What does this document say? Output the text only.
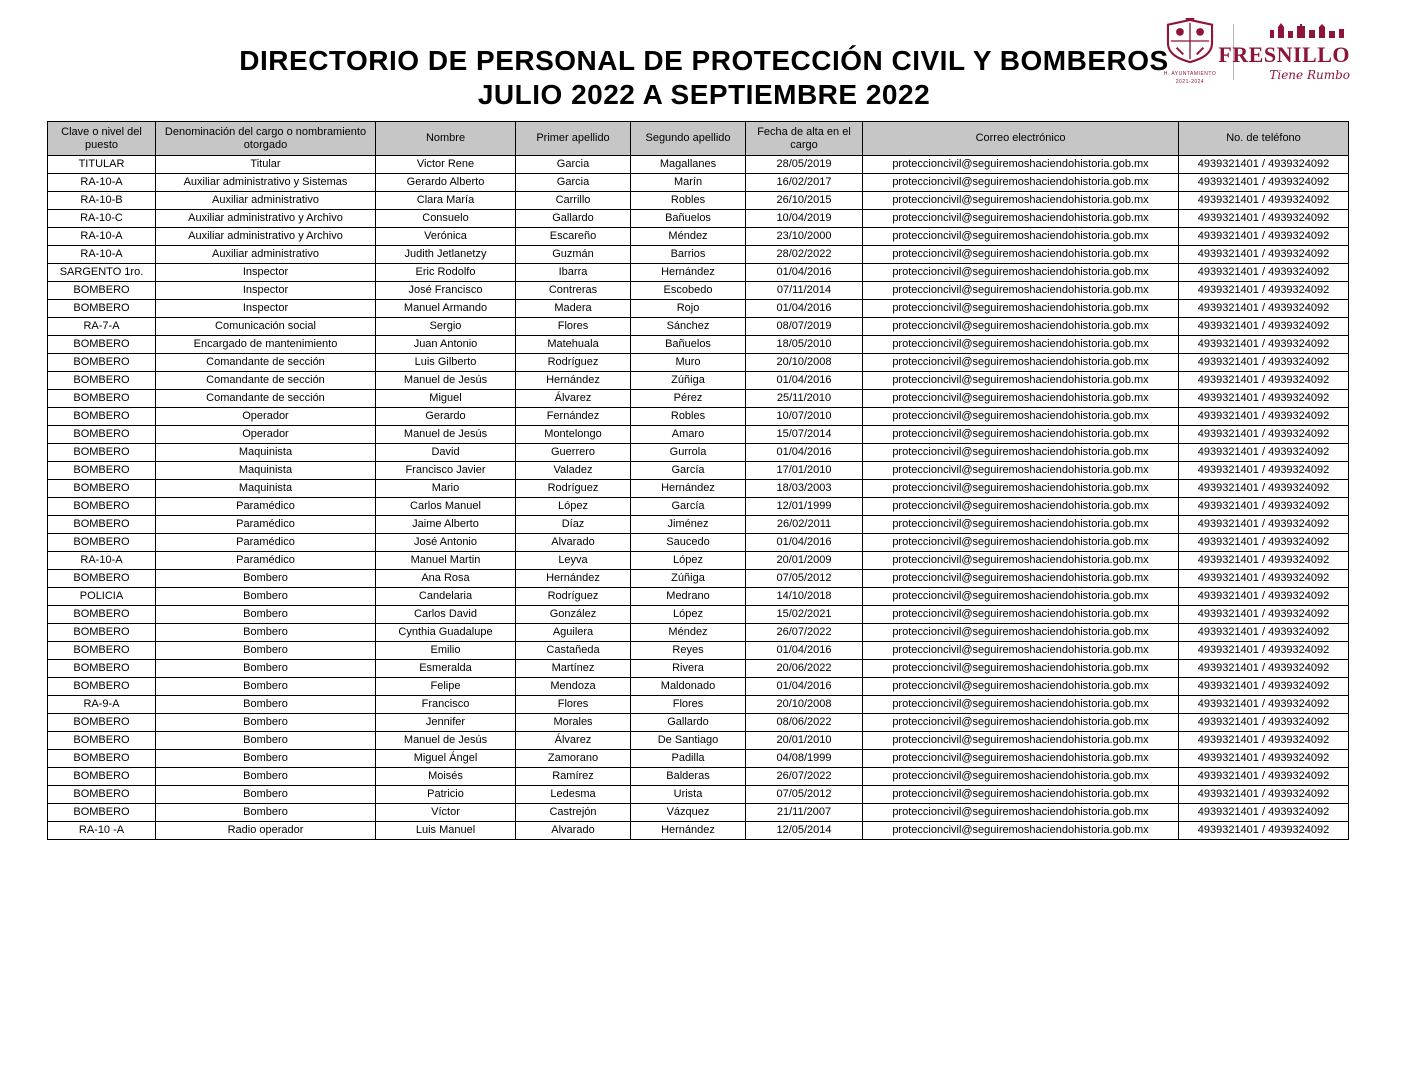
DIRECTORIO DE PERSONAL DE PROTECCIÓN CIVIL Y BOMBEROS
JULIO 2022 A SEPTIEMBRE 2022
H. AYUNTAMIENTO
2021-2024
FRESNILLO
Tiene Rumbo
Clave o nivel del puesto	Denominación del cargo o nombramiento otorgado	Nombre	Primer apellido	Segundo apellido	Fecha de alta en el cargo	Correo electrónico	No. de teléfono
TITULAR	Titular	Victor Rene	Garcia	Magallanes	28/05/2019	proteccioncivil@seguiremoshaciendohistoria.gob.mx	4939321401 / 4939324092
RA-10-A	Auxiliar administrativo y Sistemas	Gerardo Alberto	Garcia	Marín	16/02/2017	proteccioncivil@seguiremoshaciendohistoria.gob.mx	4939321401 / 4939324092
RA-10-B	Auxiliar administrativo	Clara María	Carrillo	Robles	26/10/2015	proteccioncivil@seguiremoshaciendohistoria.gob.mx	4939321401 / 4939324092
RA-10-C	Auxiliar administrativo y Archivo	Consuelo	Gallardo	Bañuelos	10/04/2019	proteccioncivil@seguiremoshaciendohistoria.gob.mx	4939321401 / 4939324092
RA-10-A	Auxiliar administrativo y Archivo	Verónica	Escareño	Méndez	23/10/2000	proteccioncivil@seguiremoshaciendohistoria.gob.mx	4939321401 / 4939324092
RA-10-A	Auxiliar administrativo	Judith Jetlanetzy	Guzmán	Barrios	28/02/2022	proteccioncivil@seguiremoshaciendohistoria.gob.mx	4939321401 / 4939324092
SARGENTO 1ro.	Inspector	Eric Rodolfo	Ibarra	Hernández	01/04/2016	proteccioncivil@seguiremoshaciendohistoria.gob.mx	4939321401 / 4939324092
BOMBERO	Inspector	José Francisco	Contreras	Escobedo	07/11/2014	proteccioncivil@seguiremoshaciendohistoria.gob.mx	4939321401 / 4939324092
BOMBERO	Inspector	Manuel Armando	Madera	Rojo	01/04/2016	proteccioncivil@seguiremoshaciendohistoria.gob.mx	4939321401 / 4939324092
RA-7-A	Comunicación social	Sergio	Flores	Sánchez	08/07/2019	proteccioncivil@seguiremoshaciendohistoria.gob.mx	4939321401 / 4939324092
BOMBERO	Encargado de mantenimiento	Juan Antonio	Matehuala	Bañuelos	18/05/2010	proteccioncivil@seguiremoshaciendohistoria.gob.mx	4939321401 / 4939324092
BOMBERO	Comandante de sección	Luis Gilberto	Rodríguez	Muro	20/10/2008	proteccioncivil@seguiremoshaciendohistoria.gob.mx	4939321401 / 4939324092
BOMBERO	Comandante de sección	Manuel de Jesús	Hernández	Zúñiga	01/04/2016	proteccioncivil@seguiremoshaciendohistoria.gob.mx	4939321401 / 4939324092
BOMBERO	Comandante de sección	Miguel	Álvarez	Pérez	25/11/2010	proteccioncivil@seguiremoshaciendohistoria.gob.mx	4939321401 / 4939324092
BOMBERO	Operador	Gerardo	Fernández	Robles	10/07/2010	proteccioncivil@seguiremoshaciendohistoria.gob.mx	4939321401 / 4939324092
BOMBERO	Operador	Manuel de Jesús	Montelongo	Amaro	15/07/2014	proteccioncivil@seguiremoshaciendohistoria.gob.mx	4939321401 / 4939324092
BOMBERO	Maquinista	David	Guerrero	Gurrola	01/04/2016	proteccioncivil@seguiremoshaciendohistoria.gob.mx	4939321401 / 4939324092
BOMBERO	Maquinista	Francisco Javier	Valadez	García	17/01/2010	proteccioncivil@seguiremoshaciendohistoria.gob.mx	4939321401 / 4939324092
BOMBERO	Maquinista	Mario	Rodríguez	Hernández	18/03/2003	proteccioncivil@seguiremoshaciendohistoria.gob.mx	4939321401 / 4939324092
BOMBERO	Paramédico	Carlos Manuel	López	García	12/01/1999	proteccioncivil@seguiremoshaciendohistoria.gob.mx	4939321401 / 4939324092
BOMBERO	Paramédico	Jaime Alberto	Díaz	Jiménez	26/02/2011	proteccioncivil@seguiremoshaciendohistoria.gob.mx	4939321401 / 4939324092
BOMBERO	Paramédico	José Antonio	Alvarado	Saucedo	01/04/2016	proteccioncivil@seguiremoshaciendohistoria.gob.mx	4939321401 / 4939324092
RA-10-A	Paramédico	Manuel Martin	Leyva	López	20/01/2009	proteccioncivil@seguiremoshaciendohistoria.gob.mx	4939321401 / 4939324092
BOMBERO	Bombero	Ana Rosa	Hernández	Zúñiga	07/05/2012	proteccioncivil@seguiremoshaciendohistoria.gob.mx	4939321401 / 4939324092
POLICIA	Bombero	Candelaria	Rodríguez	Medrano	14/10/2018	proteccioncivil@seguiremoshaciendohistoria.gob.mx	4939321401 / 4939324092
BOMBERO	Bombero	Carlos David	González	López	15/02/2021	proteccioncivil@seguiremoshaciendohistoria.gob.mx	4939321401 / 4939324092
BOMBERO	Bombero	Cynthia Guadalupe	Aguilera	Méndez	26/07/2022	proteccioncivil@seguiremoshaciendohistoria.gob.mx	4939321401 / 4939324092
BOMBERO	Bombero	Emilio	Castañeda	Reyes	01/04/2016	proteccioncivil@seguiremoshaciendohistoria.gob.mx	4939321401 / 4939324092
BOMBERO	Bombero	Esmeralda	Martínez	Rivera	20/06/2022	proteccioncivil@seguiremoshaciendohistoria.gob.mx	4939321401 / 4939324092
BOMBERO	Bombero	Felipe	Mendoza	Maldonado	01/04/2016	proteccioncivil@seguiremoshaciendohistoria.gob.mx	4939321401 / 4939324092
RA-9-A	Bombero	Francisco	Flores	Flores	20/10/2008	proteccioncivil@seguiremoshaciendohistoria.gob.mx	4939321401 / 4939324092
BOMBERO	Bombero	Jennifer	Morales	Gallardo	08/06/2022	proteccioncivil@seguiremoshaciendohistoria.gob.mx	4939321401 / 4939324092
BOMBERO	Bombero	Manuel de Jesús	Álvarez	De Santiago	20/01/2010	proteccioncivil@seguiremoshaciendohistoria.gob.mx	4939321401 / 4939324092
BOMBERO	Bombero	Miguel Ángel	Zamorano	Padilla	04/08/1999	proteccioncivil@seguiremoshaciendohistoria.gob.mx	4939321401 / 4939324092
BOMBERO	Bombero	Moisés	Ramírez	Balderas	26/07/2022	proteccioncivil@seguiremoshaciendohistoria.gob.mx	4939321401 / 4939324092
BOMBERO	Bombero	Patricio	Ledesma	Urista	07/05/2012	proteccioncivil@seguiremoshaciendohistoria.gob.mx	4939321401 / 4939324092
BOMBERO	Bombero	Víctor	Castrejón	Vázquez	21/11/2007	proteccioncivil@seguiremoshaciendohistoria.gob.mx	4939321401 / 4939324092
RA-10 -A	Radio operador	Luis Manuel	Alvarado	Hernández	12/05/2014	proteccioncivil@seguiremoshaciendohistoria.gob.mx	4939321401 / 4939324092
